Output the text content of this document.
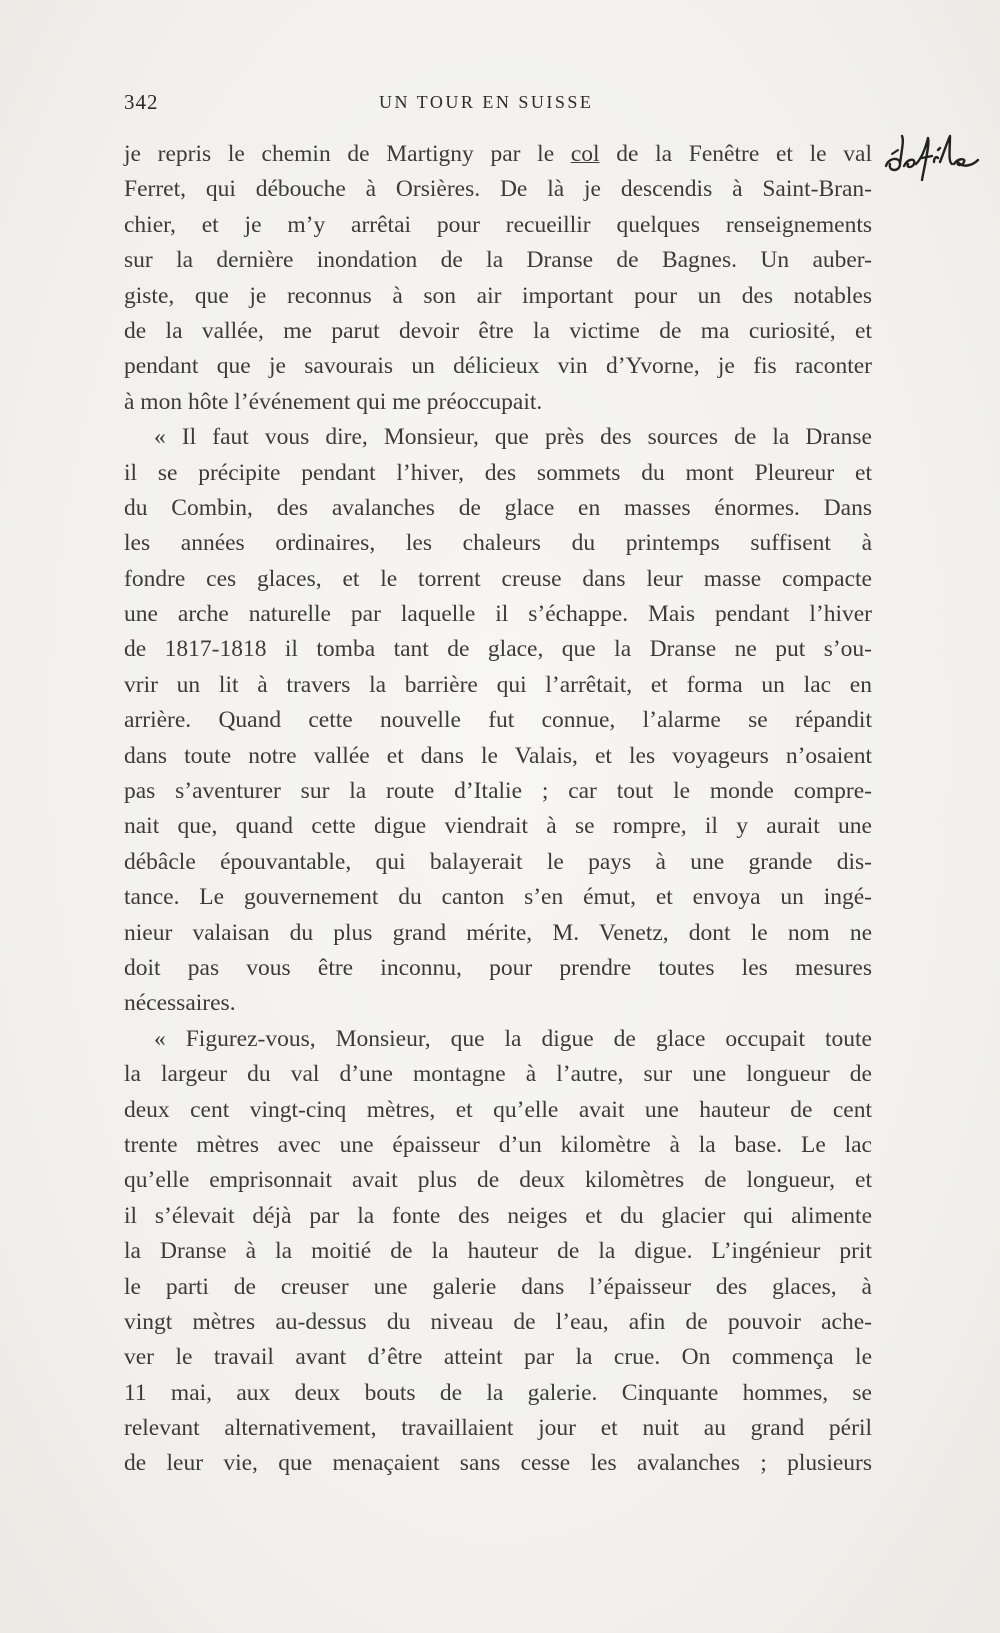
342	UN TOUR EN SUISSE
je repris le chemin de Martigny par le col de la Fenêtre et le val
Ferret, qui débouche à Orsières. De là je descendis à Saint-Bran-
chier, et je m’y arrêtai pour recueillir quelques renseignements
sur la dernière inondation de la Dranse de Bagnes. Un auber-
giste, que je reconnus à son air important pour un des notables
de la vallée, me parut devoir être la victime de ma curiosité, et
pendant que je savourais un délicieux vin d’Yvorne, je fis raconter
à mon hôte l’événement qui me préoccupait.
« Il faut vous dire, Monsieur, que près des sources de la Dranse
il se précipite pendant l’hiver, des sommets du mont Pleureur et
du Combin, des avalanches de glace en masses énormes. Dans
les années ordinaires, les chaleurs du printemps suffisent à
fondre ces glaces, et le torrent creuse dans leur masse compacte
une arche naturelle par laquelle il s’échappe. Mais pendant l’hiver
de 1817-1818 il tomba tant de glace, que la Dranse ne put s’ou-
vrir un lit à travers la barrière qui l’arrêtait, et forma un lac en
arrière. Quand cette nouvelle fut connue, l’alarme se répandit
dans toute notre vallée et dans le Valais, et les voyageurs n’osaient
pas s’aventurer sur la route d’Italie ; car tout le monde compre-
nait que, quand cette digue viendrait à se rompre, il y aurait une
débâcle épouvantable, qui balayerait le pays à une grande dis-
tance. Le gouvernement du canton s’en émut, et envoya un ingé-
nieur valaisan du plus grand mérite, M. Venetz, dont le nom ne
doit pas vous être inconnu, pour prendre toutes les mesures
nécessaires.
« Figurez-vous, Monsieur, que la digue de glace occupait toute
la largeur du val d’une montagne à l’autre, sur une longueur de
deux cent vingt-cinq mètres, et qu’elle avait une hauteur de cent
trente mètres avec une épaisseur d’un kilomètre à la base. Le lac
qu’elle emprisonnait avait plus de deux kilomètres de longueur, et
il s’élevait déjà par la fonte des neiges et du glacier qui alimente
la Dranse à la moitié de la hauteur de la digue. L’ingénieur prit
le parti de creuser une galerie dans l’épaisseur des glaces, à
vingt mètres au-dessus du niveau de l’eau, afin de pouvoir ache-
ver le travail avant d’être atteint par la crue. On commença le
11 mai, aux deux bouts de la galerie. Cinquante hommes, se
relevant alternativement, travaillaient jour et nuit au grand péril
de leur vie, que menaçaient sans cesse les avalanches ; plusieurs
